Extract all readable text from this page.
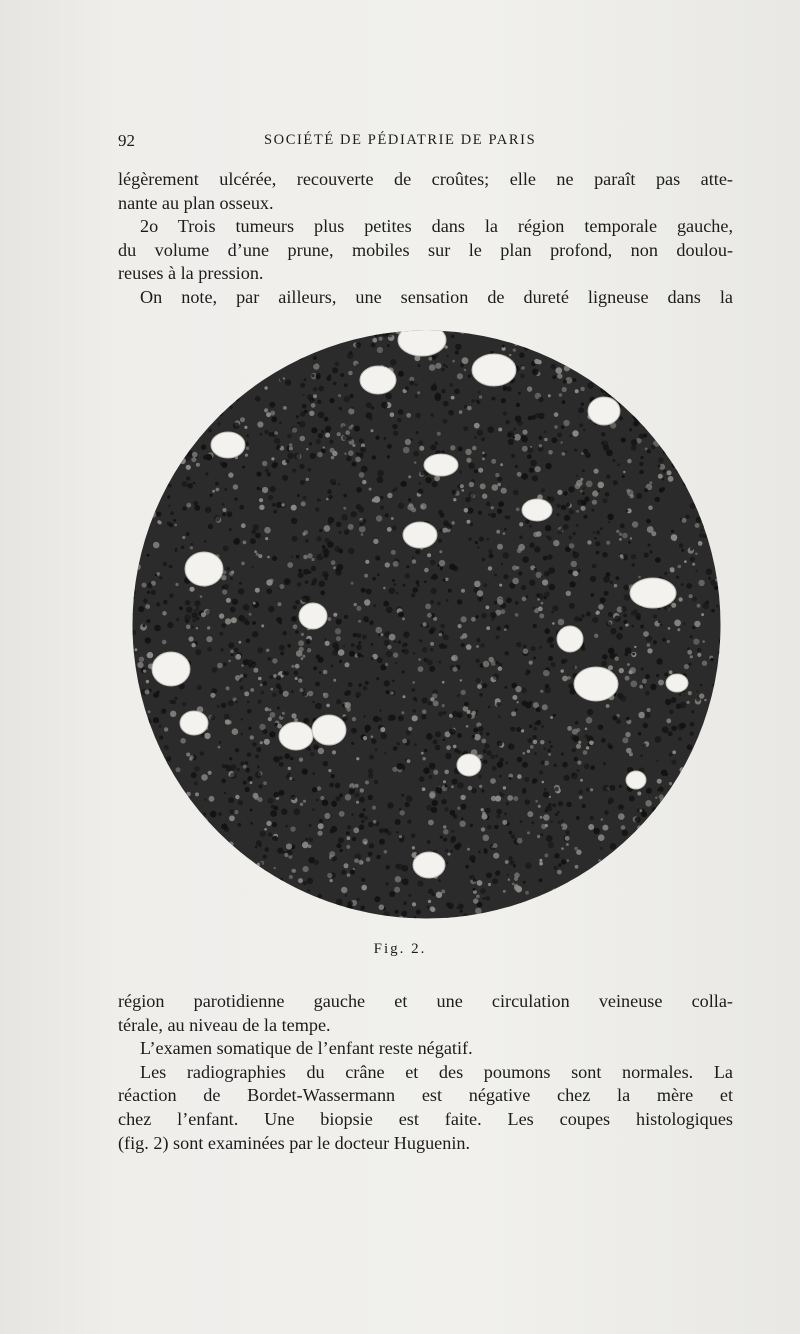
92	SOCIÉTÉ DE PÉDIATRIE DE PARIS
légèrement ulcérée, recouverte de croûtes; elle ne paraît pas atte-
nante au plan osseux.
2o Trois tumeurs plus petites dans la région temporale gauche,
du volume d’une prune, mobiles sur le plan profond, non doulou-
reuses à la pression.
On note, par ailleurs, une sensation de dureté ligneuse dans la
Fig. 2.
région parotidienne gauche et une circulation veineuse colla-
térale, au niveau de la tempe.
L’examen somatique de l’enfant reste négatif.
Les radiographies du crâne et des poumons sont normales. La
réaction de Bordet-Wassermann est négative chez la mère et
chez l’enfant. Une biopsie est faite. Les coupes histologiques
(fig. 2) sont examinées par le docteur Huguenin.
